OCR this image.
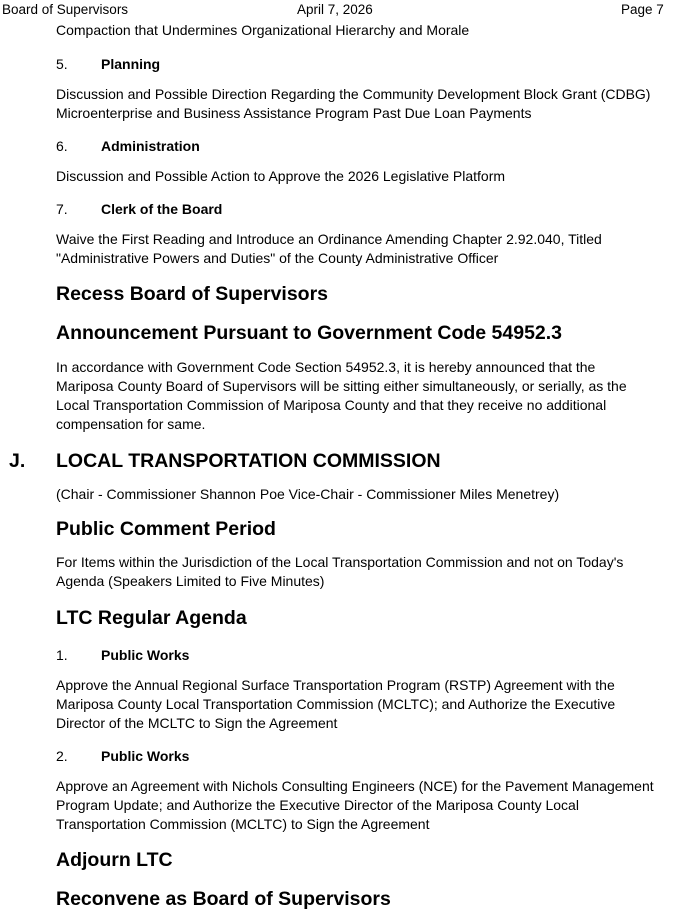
Board of Supervisors	April 7, 2026	Page 7
Compaction that Undermines Organizational Hierarchy and Morale
5. Planning
Discussion and Possible Direction Regarding the Community Development Block Grant (CDBG)
Microenterprise and Business Assistance Program Past Due Loan Payments
6. Administration
Discussion and Possible Action to Approve the 2026 Legislative Platform
7. Clerk of the Board
Waive the First Reading and Introduce an Ordinance Amending Chapter 2.92.040, Titled
"Administrative Powers and Duties" of the County Administrative Officer
Recess Board of Supervisors
Announcement Pursuant to Government Code 54952.3
In accordance with Government Code Section 54952.3, it is hereby announced that the
Mariposa County Board of Supervisors will be sitting either simultaneously, or serially, as the
Local Transportation Commission of Mariposa County and that they receive no additional
compensation for same.
J. LOCAL TRANSPORTATION COMMISSION
(Chair - Commissioner Shannon Poe Vice-Chair - Commissioner Miles Menetrey)
Public Comment Period
For Items within the Jurisdiction of the Local Transportation Commission and not on Today's
Agenda (Speakers Limited to Five Minutes)
LTC Regular Agenda
1. Public Works
Approve the Annual Regional Surface Transportation Program (RSTP) Agreement with the
Mariposa County Local Transportation Commission (MCLTC); and Authorize the Executive
Director of the MCLTC to Sign the Agreement
2. Public Works
Approve an Agreement with Nichols Consulting Engineers (NCE) for the Pavement Management
Program Update; and Authorize the Executive Director of the Mariposa County Local
Transportation Commission (MCLTC) to Sign the Agreement
Adjourn LTC
Reconvene as Board of Supervisors
